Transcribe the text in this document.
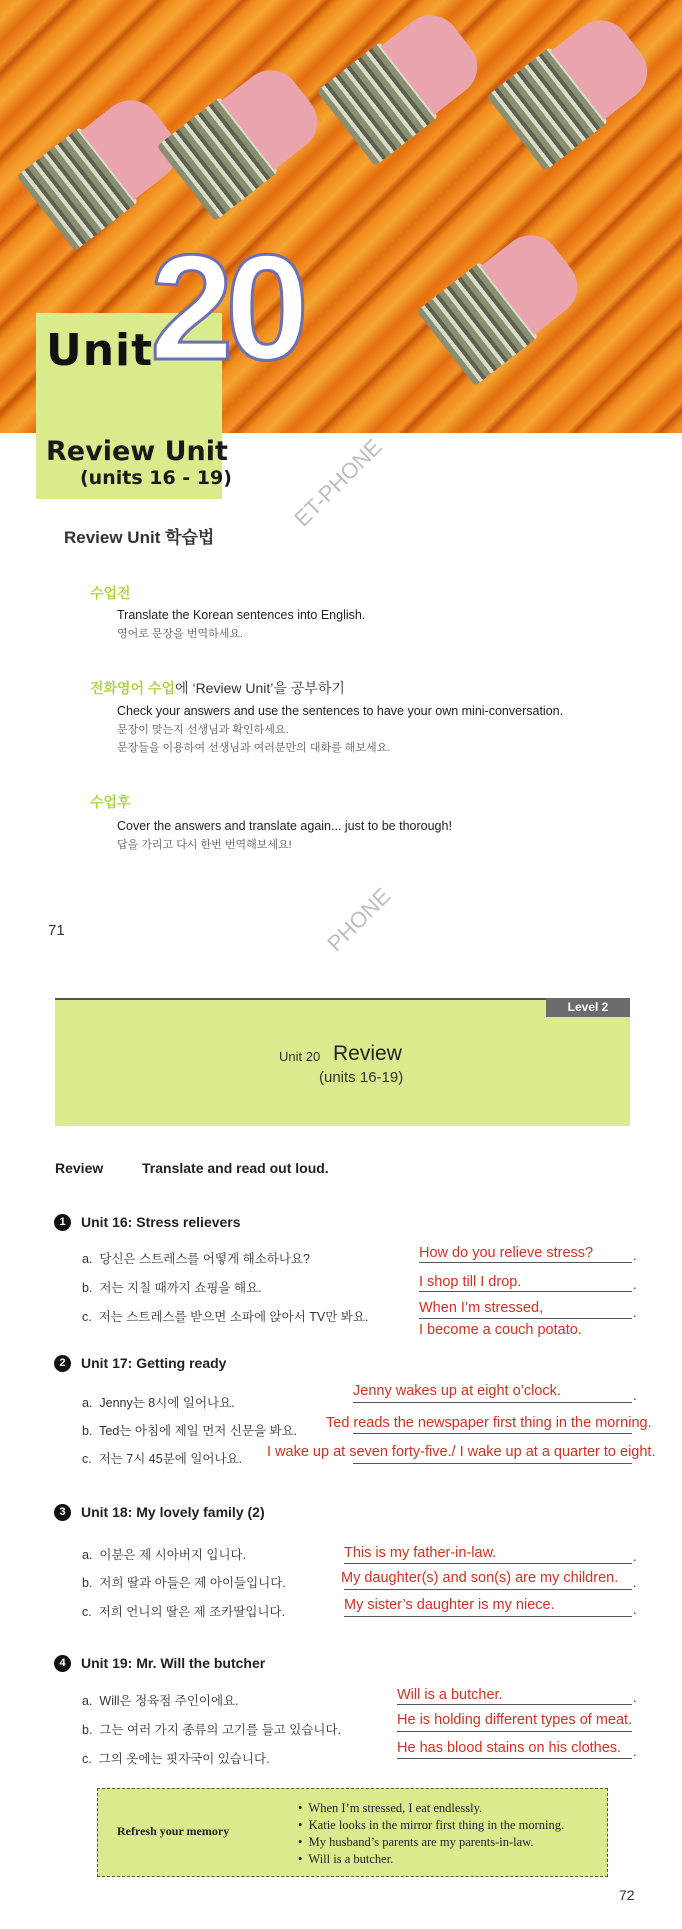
Unit
20
Review Unit
(units 16 - 19)	ET-PHONE
Review Unit 학습법
수업전
Translate the Korean sentences into English.
영어로 문장을 번역하세요.
전화영어 수업에 ‘Review Unit’을 공부하기
Check your answers and use the sentences to have your own mini-conversation.
문장이 맞는지 선생님과 확인하세요.
문장들을 이용하여 선생님과 여러분만의 대화를 해보세요.
수업후
Cover the answers and translate again... just to be thorough!
답을 가리고 다시 한번 번역해보세요!
71	PHONE
Level 2
Unit 20 Review
(units 16-19)
Review	Translate and read out loud.
1	Unit 16: Stress relievers
a. 당신은 스트레스를 어떻게 해소하나요?	How do you relieve stress?	.
b. 저는 지칠 때까지 쇼핑을 해요.	I shop till I drop.	.
c. 저는 스트레스를 받으면 소파에 앉아서 TV만 봐요.
When I’m stressed,	.
I become a couch potato.
2	Unit 17: Getting ready
a. Jenny는 8시에 일어나요.
Jenny wakes up at eight o’clock.	.
b. Ted는 아침에 제일 먼저 신문을 봐요. Ted reads the newspaper first thing in the morning.
c. 저는 7시 45분에 일어나요. I wake up at seven forty-five./ I wake up at a quarter to eight.
3	Unit 18: My lovely family (2)
a. 이분은 제 시아버지 입니다.	This is my father-in-law.	.
b. 저희 딸과 아들은 제 아이들입니다.	My daughter(s) and son(s) are my children. .
c. 저희 언니의 딸은 제 조카딸입니다.	My sister’s daughter is my niece.	.
4	Unit 19: Mr. Will the butcher
a. Will은 정육점 주인이에요.	Will is a butcher.	.
b. 그는 여러 가지 종류의 고기를 들고 있습니다.
He is holding different types of meat.
c. 그의 옷에는 핏자국이 있습니다.
He has blood stains on his clothes. .
Refresh your memory
•  When I’m stressed, I eat endlessly.
•  Katie looks in the mirror first thing in the morning.
•  My husband’s parents are my parents-in-law.
•  Will is a butcher.
72
